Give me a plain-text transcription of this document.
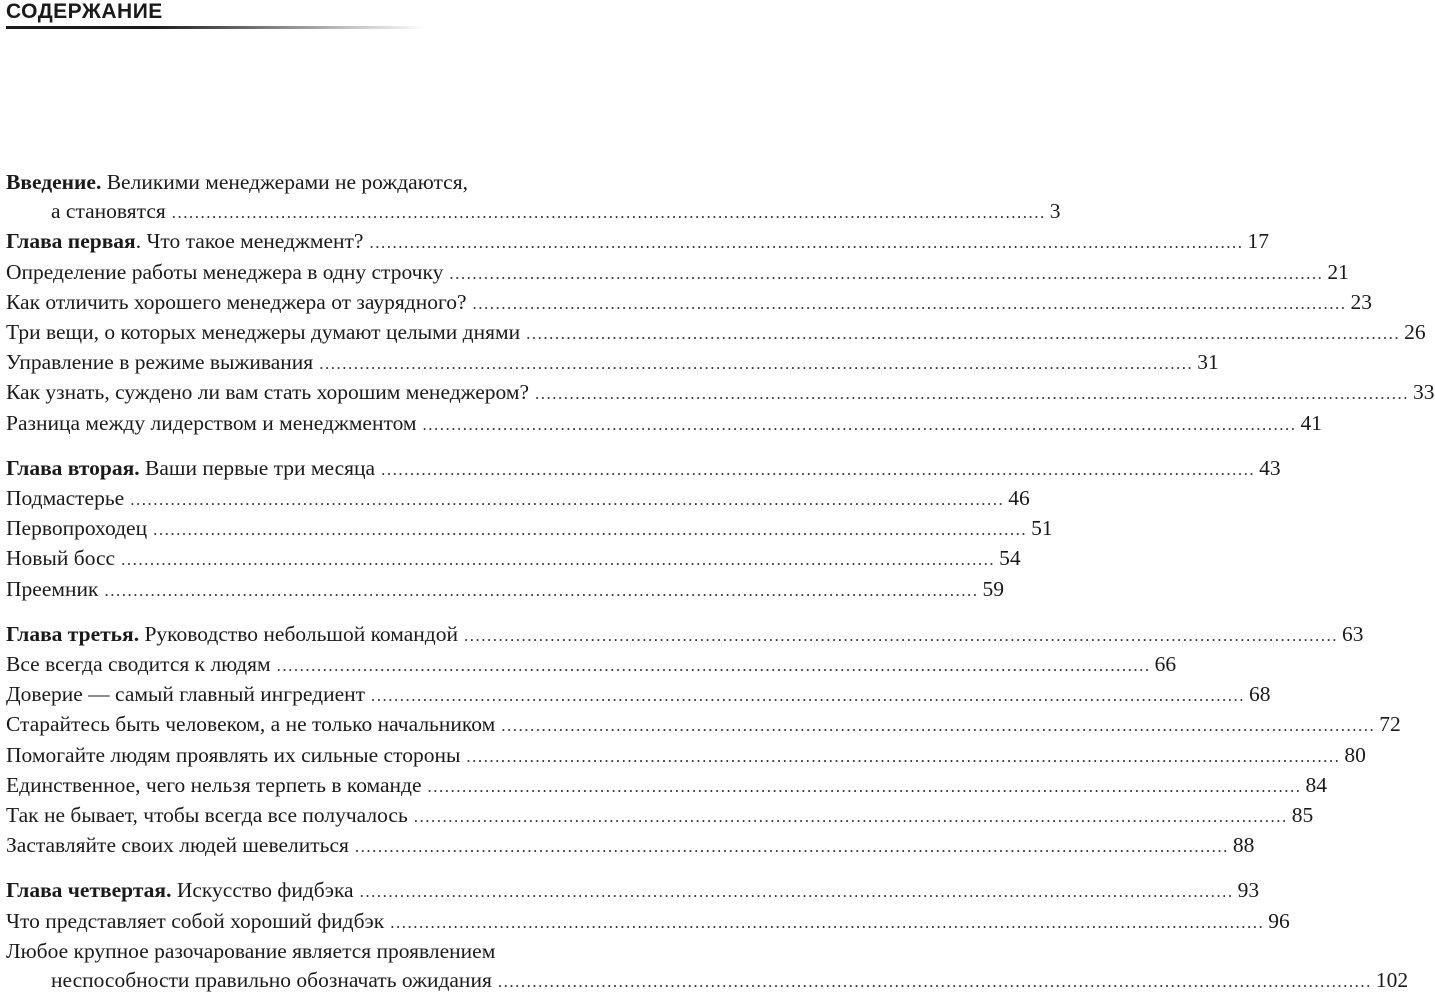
СОДЕРЖАНИЕ
Введение. Великими менеджерами не рождаются,
а становятся ........................................................................................................................................................ 3
Глава первая. Что такое менеджмент? ........................................................................................................................................................ 17
Определение работы менеджера в одну строчку ........................................................................................................................................................ 21
Как отличить хорошего менеджера от заурядного? ........................................................................................................................................................ 23
Три вещи, о которых менеджеры думают целыми днями ........................................................................................................................................................ 26
Управление в режиме выживания ........................................................................................................................................................ 31
Как узнать, суждено ли вам стать хорошим менеджером? ........................................................................................................................................................ 33
Разница между лидерством и менеджментом ........................................................................................................................................................ 41
Глава вторая. Ваши первые три месяца ........................................................................................................................................................ 43
Подмастерье ........................................................................................................................................................ 46
Первопроходец ........................................................................................................................................................ 51
Новый босс ........................................................................................................................................................ 54
Преемник ........................................................................................................................................................ 59
Глава третья. Руководство небольшой командой ........................................................................................................................................................ 63
Все всегда сводится к людям ........................................................................................................................................................ 66
Доверие — самый главный ингредиент ........................................................................................................................................................ 68
Старайтесь быть человеком, а не только начальником ........................................................................................................................................................ 72
Помогайте людям проявлять их сильные стороны ........................................................................................................................................................ 80
Единственное, чего нельзя терпеть в команде ........................................................................................................................................................ 84
Так не бывает, чтобы всегда все получалось ........................................................................................................................................................ 85
Заставляйте своих людей шевелиться ........................................................................................................................................................ 88
Глава четвертая. Искусство фидбэка ........................................................................................................................................................ 93
Что представляет собой хороший фидбэк ........................................................................................................................................................ 96
Любое крупное разочарование является проявлением
неспособности правильно обозначать ожидания ........................................................................................................................................................ 102
